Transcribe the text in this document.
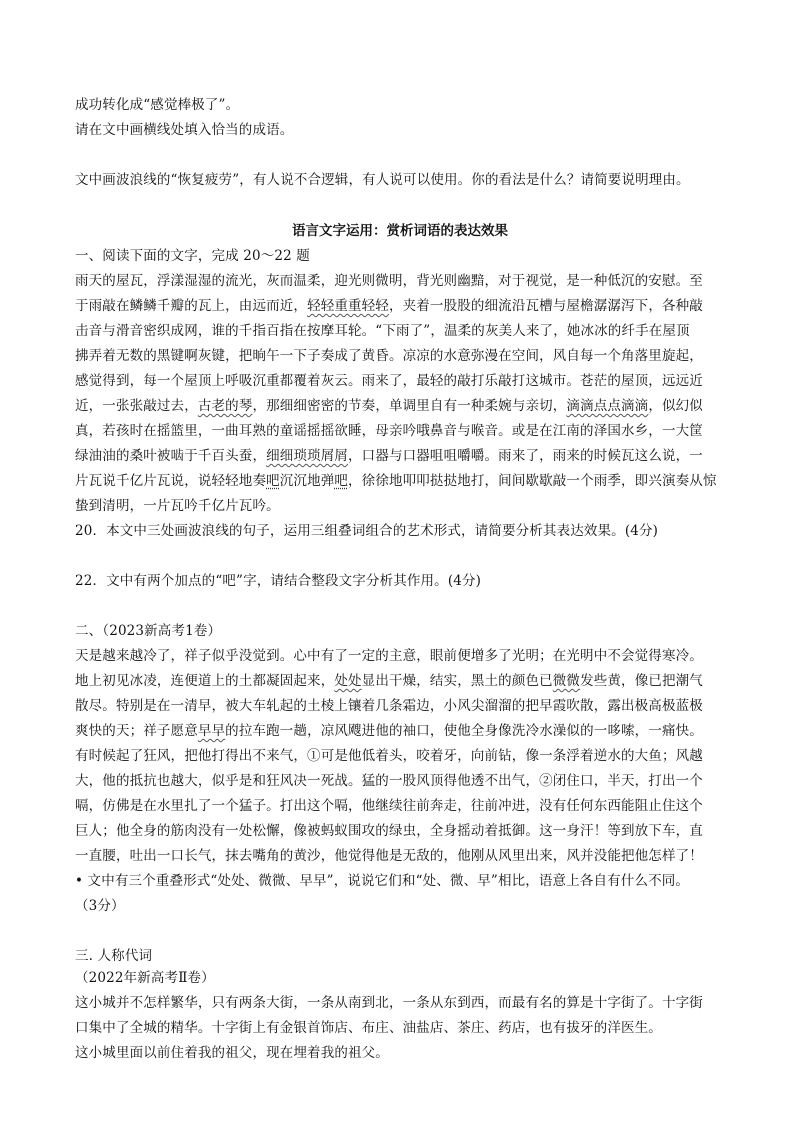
成功转化成“感觉棒极了”。
请在文中画横线处填入恰当的成语。
文中画波浪线的“恢复疲劳”，有人说不合逻辑，有人说可以使用。你的看法是什么？请简要说明理由。
语言文字运用：赏析词语的表达效果
一、阅读下面的文字，完成 20～22 题
雨天的屋瓦，浮漾湿湿的流光，灰而温柔，迎光则微明，背光则幽黯，对于视觉，是一种低沉的安慰。至
于雨敲在鳞鳞千瓣的瓦上，由远而近，轻轻重重轻轻，夹着一股股的细流沿瓦槽与屋檐潺潺泻下，各种敲
击音与滑音密织成网，谁的千指百指在按摩耳轮。“下雨了”，温柔的灰美人来了，她冰冰的纤手在屋顶
拂弄着无数的黑键啊灰键，把晌午一下子奏成了黄昏。凉凉的水意弥漫在空间，风自每一个角落里旋起，
感觉得到，每一个屋顶上呼吸沉重都覆着灰云。雨来了，最轻的敲打乐敲打这城市。苍茫的屋顶，远远近
近，一张张敲过去，古老的琴，那细细密密的节奏，单调里自有一种柔婉与亲切，滴滴点点滴滴，似幻似
真，若孩时在摇篮里，一曲耳熟的童谣摇摇欲睡，母亲吟哦鼻音与喉音。或是在江南的泽国水乡，一大筐
绿油油的桑叶被啮于千百头蚕，细细琐琐屑屑，口器与口器咀咀嚼嚼。雨来了，雨来的时候瓦这么说，一
片瓦说千亿片瓦说，说轻轻地奏吧沉沉地弹吧，徐徐地叩叩挞挞地打，间间歇歇敲一个雨季，即兴演奏从惊
蛰到清明，一片瓦吟千亿片瓦吟。
20．本文中三处画波浪线的句子，运用三组叠词组合的艺术形式，请简要分析其表达效果。(4分)
22．文中有两个加点的“吧”字，请结合整段文字分析其作用。(4分)
二、（2023新高考1卷）
天是越来越冷了，祥子似乎没觉到。心中有了一定的主意，眼前便增多了光明；在光明中不会觉得寒冷。
地上初见冰凌，连便道上的土都凝固起来，处处显出干燥，结实，黑土的颜色已微微发些黄，像已把潮气
散尽。特别是在一清早，被大车轧起的土棱上镶着几条霜边，小风尖溜溜的把早霞吹散，露出极高极蓝极
爽快的天；祥子愿意早早的拉车跑一趟，凉风飕进他的袖口，使他全身像洗冷水澡似的一哆嗦，一痛快。
有时候起了狂风，把他打得出不来气，①可是他低着头，咬着牙，向前钻，像一条浮着逆水的大鱼；风越
大，他的抵抗也越大，似乎是和狂风决一死战。猛的一股风顶得他透不出气，②闭住口，半天，打出一个
嗝，仿佛是在水里扎了一个猛子。打出这个嗝，他继续往前奔走，往前冲进，没有任何东西能阻止住这个
巨人；他全身的筋肉没有一处松懈，像被蚂蚁围攻的绿虫，全身摇动着抵御。这一身汗！等到放下车，直
一直腰，吐出一口长气，抹去嘴角的黄沙，他觉得他是无敌的，他刚从风里出来，风并没能把他怎样了！
• 文中有三个重叠形式“处处、微微、早早”，说说它们和“处、微、早”相比，语意上各自有什么不同。
（3分）
三. 人称代词
（2022年新高考Ⅱ卷）
这小城并不怎样繁华，只有两条大街，一条从南到北，一条从东到西，而最有名的算是十字街了。十字街
口集中了全城的精华。十字街上有金银首饰店、布庄、油盐店、茶庄、药店，也有拔牙的洋医生。
这小城里面以前住着我的祖父，现在埋着我的祖父。
